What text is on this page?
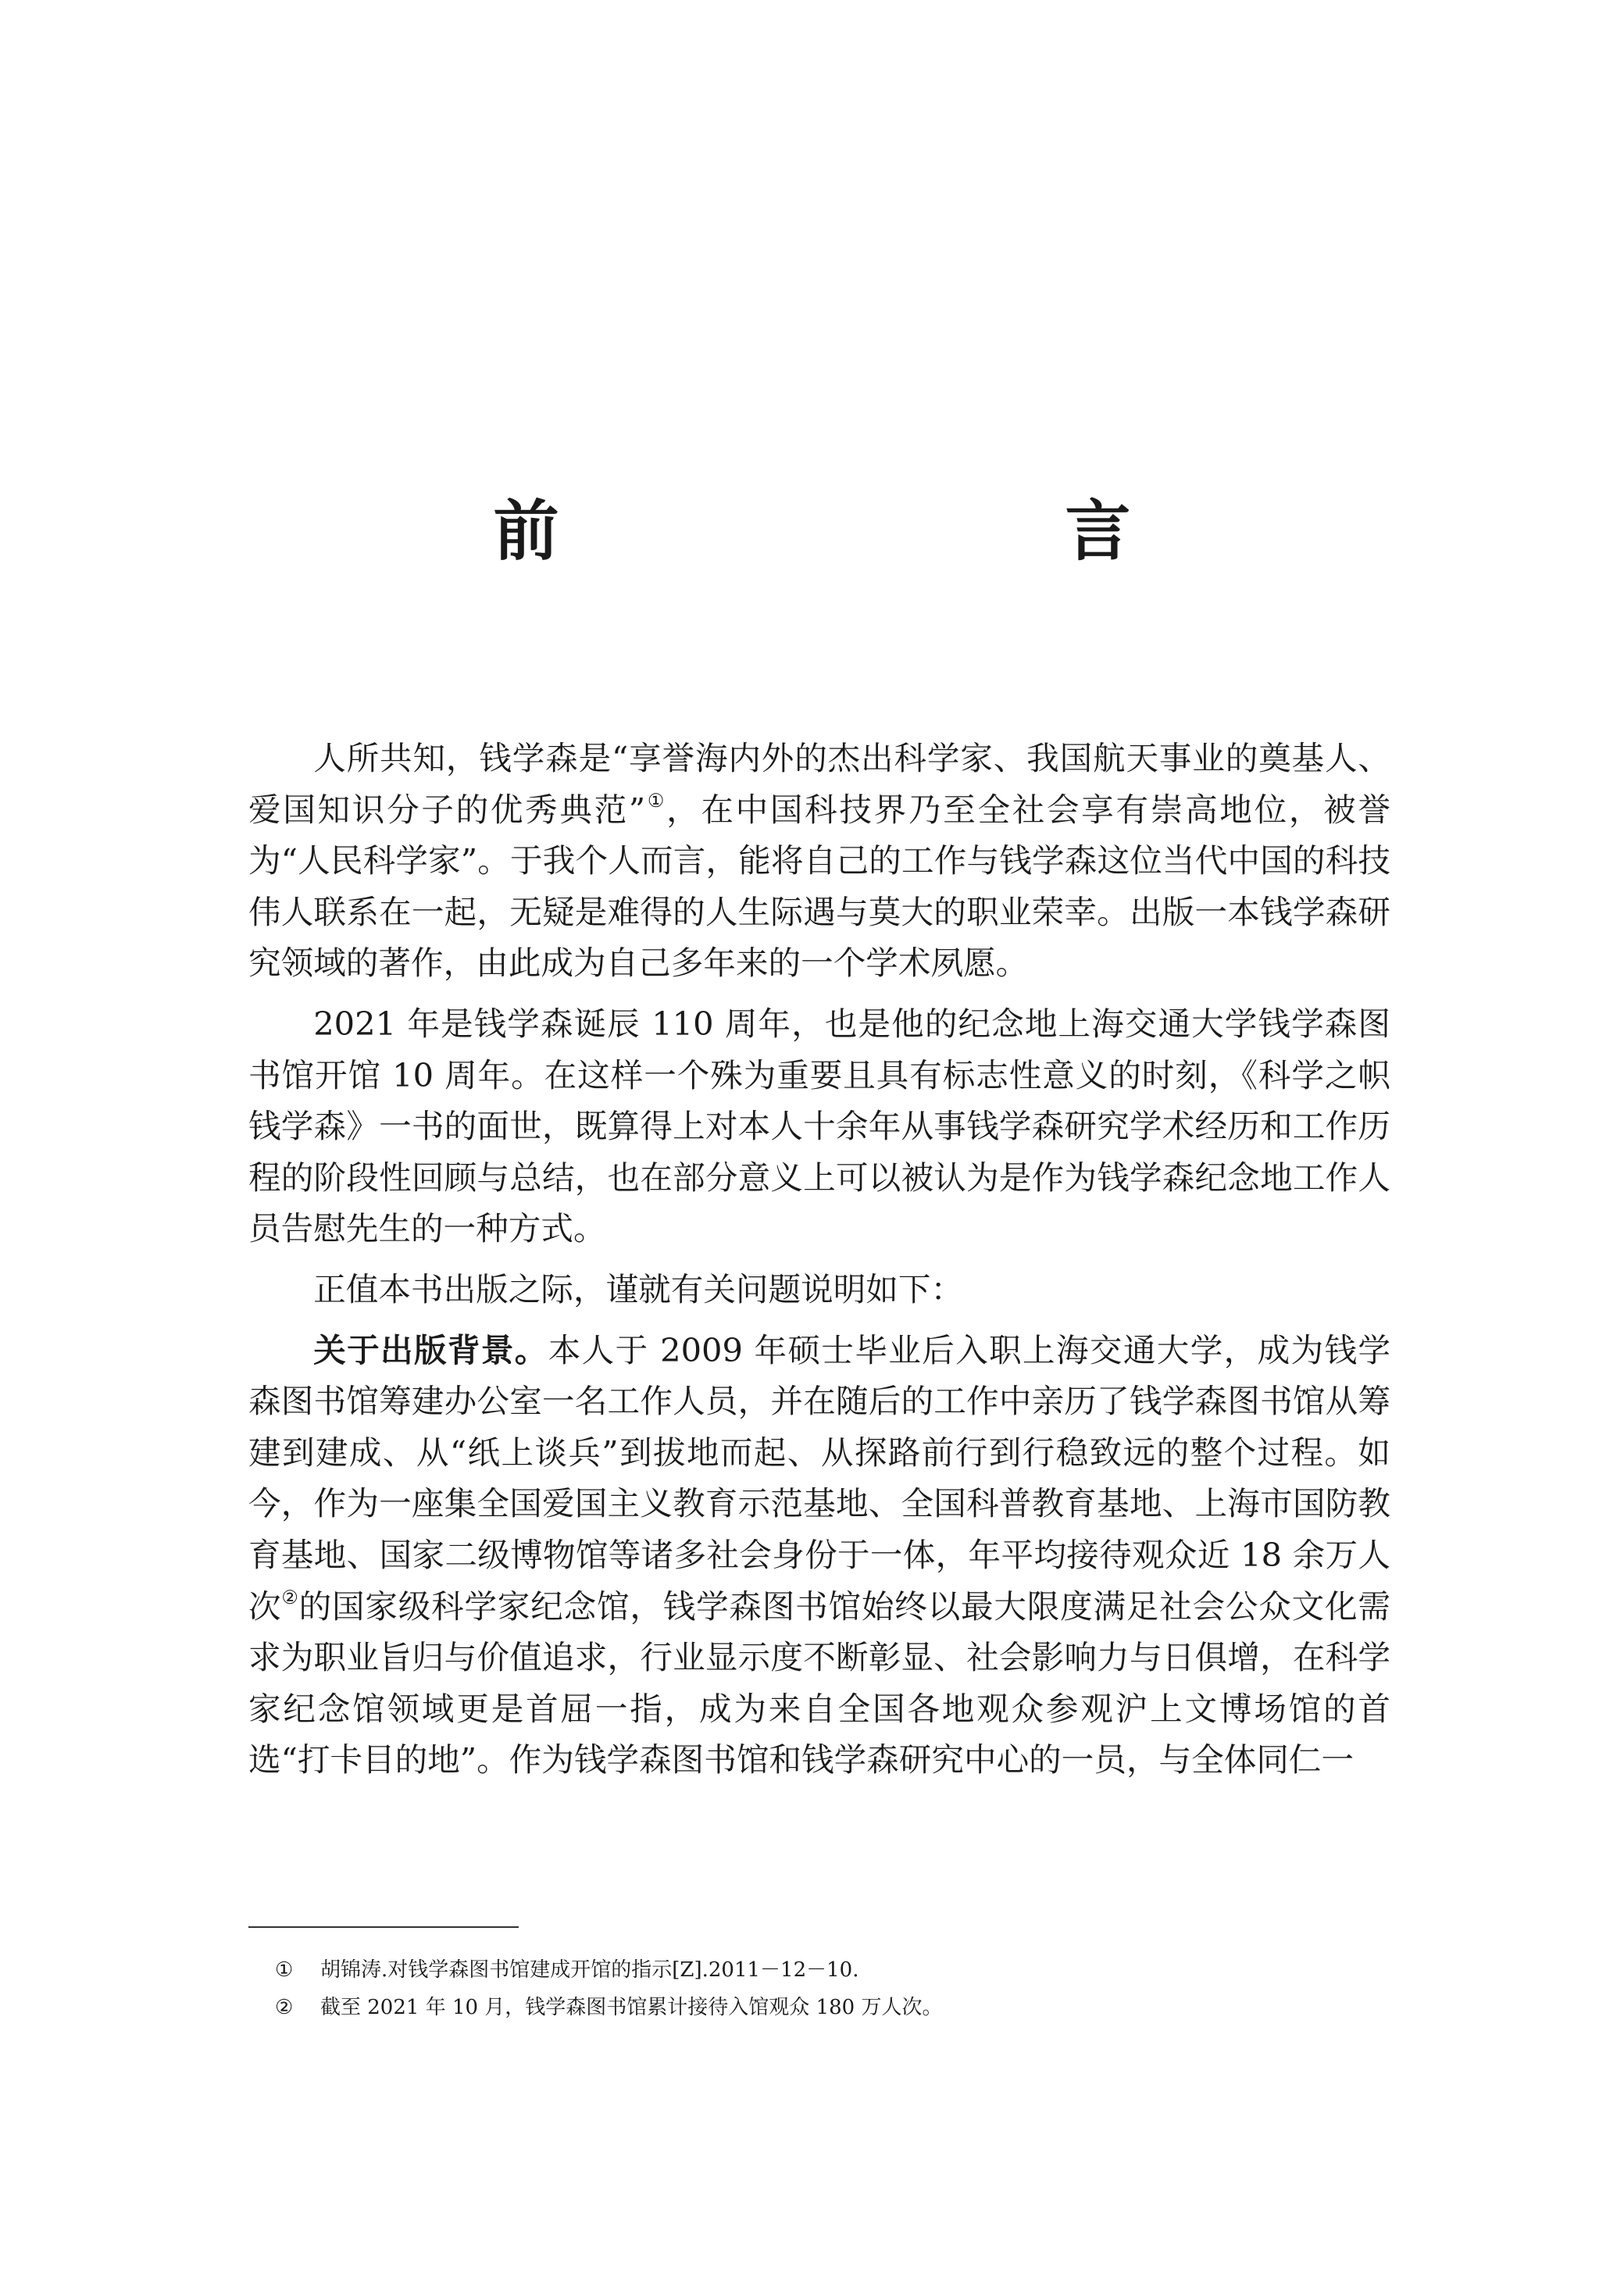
前　　言

人所共知，钱学森是“享誉海内外的杰出科学家、我国航天事业的奠基人、爱国知识分子的优秀典范”①，在中国科技界乃至全社会享有崇高地位，被誉为“人民科学家”。于我个人而言，能将自己的工作与钱学森这位当代中国的科技伟人联系在一起，无疑是难得的人生际遇与莫大的职业荣幸。出版一本钱学森研究领域的著作，由此成为自己多年来的一个学术夙愿。

2021 年是钱学森诞辰 110 周年，也是他的纪念地上海交通大学钱学森图书馆开馆 10 周年。在这样一个殊为重要且具有标志性意义的时刻，《科学之帜钱学森》一书的面世，既算得上对本人十余年从事钱学森研究学术经历和工作历程的阶段性回顾与总结，也在部分意义上可以被认为是作为钱学森纪念地工作人员告慰先生的一种方式。

正值本书出版之际，谨就有关问题说明如下：

关于出版背景。本人于 2009 年硕士毕业后入职上海交通大学，成为钱学森图书馆筹建办公室一名工作人员，并在随后的工作中亲历了钱学森图书馆从筹建到建成、从“纸上谈兵”到拔地而起、从探路前行到行稳致远的整个过程。如今，作为一座集全国爱国主义教育示范基地、全国科普教育基地、上海市国防教育基地、国家二级博物馆等诸多社会身份于一体，年平均接待观众近 18 余万人次②的国家级科学家纪念馆，钱学森图书馆始终以最大限度满足社会公众文化需求为职业旨归与价值追求，行业显示度不断彰显、社会影响力与日俱增，在科学家纪念馆领域更是首屈一指，成为来自全国各地观众参观沪上文博场馆的首选“打卡目的地”。作为钱学森图书馆和钱学森研究中心的一员，与全体同仁一

① 胡锦涛.对钱学森图书馆建成开馆的指示[Z].2011－12－10.
② 截至 2021 年 10 月，钱学森图书馆累计接待入馆观众 180 万人次。
